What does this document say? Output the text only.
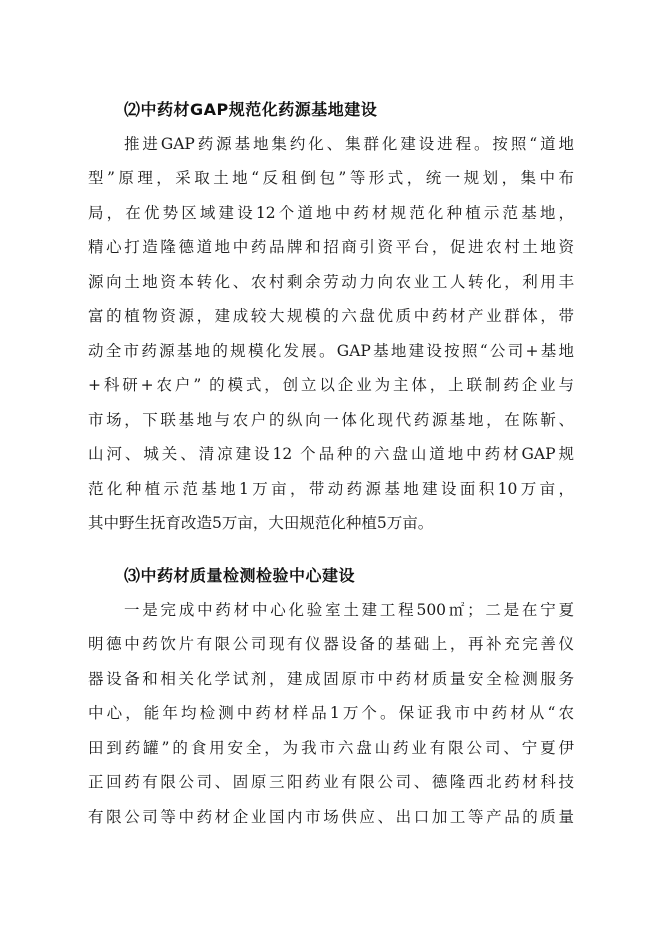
⑵中药材GAP规范化药源基地建设
推进GAP药源基地集约化、集群化建设进程。按照“道地
型”原理，采取土地“反租倒包”等形式，统一规划，集中布
局，在优势区域建设12个道地中药材规范化种植示范基地，
精心打造隆德道地中药品牌和招商引资平台，促进农村土地资
源向土地资本转化、农村剩余劳动力向农业工人转化，利用丰
富的植物资源，建成较大规模的六盘优质中药材产业群体，带
动全市药源基地的规模化发展。GAP基地建设按照“公司+基地
+科研+农户” 的模式，创立以企业为主体，上联制药企业与
市场，下联基地与农户的纵向一体化现代药源基地，在陈靳、
山河、城关、清凉建设12 个品种的六盘山道地中药材GAP规
范化种植示范基地1万亩，带动药源基地建设面积10万亩，
其中野生抚育改造5万亩，大田规范化种植5万亩。
⑶中药材质量检测检验中心建设
一是完成中药材中心化验室土建工程500㎡；二是在宁夏
明德中药饮片有限公司现有仪器设备的基础上，再补充完善仪
器设备和相关化学试剂，建成固原市中药材质量安全检测服务
中心，能年均检测中药材样品1万个。保证我市中药材从“农
田到药罐”的食用安全，为我市六盘山药业有限公司、宁夏伊
正回药有限公司、固原三阳药业有限公司、德隆西北药材科技
有限公司等中药材企业国内市场供应、出口加工等产品的质量
